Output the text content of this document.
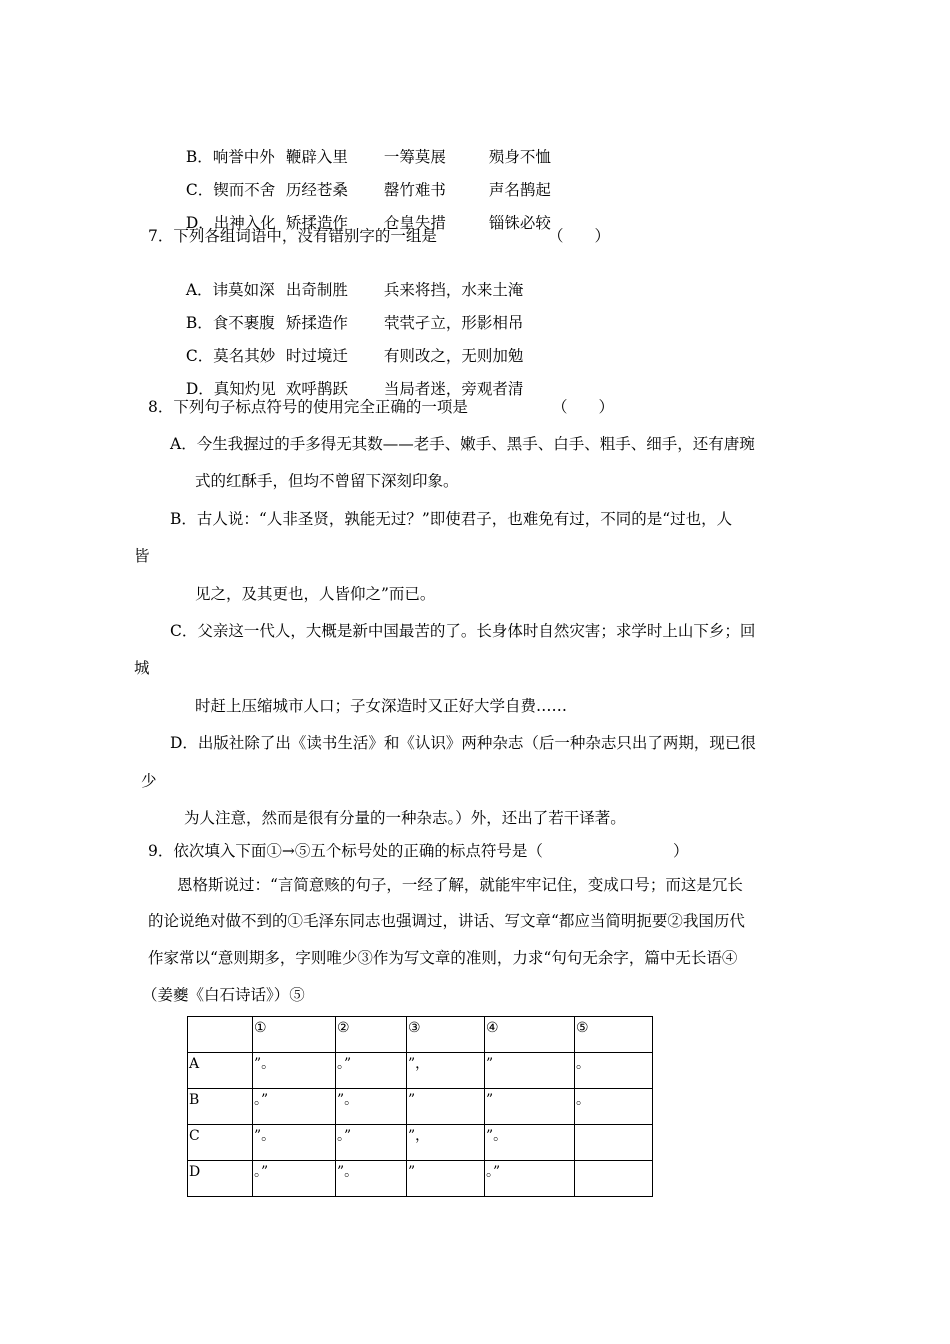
B．响誉中外 鞭辟入里 一筹莫展	殒身不恤

C．锲而不舍 历经苍桑 罄竹难书	声名鹊起

D．出神入化 矫揉造作 仓皇失措	锱铢必较

7．下列各组词语中，没有错别字的一组是	（　　）

A．讳莫如深 出奇制胜 兵来将挡，水来土淹

B．食不裹腹 矫揉造作 茕茕孑立，形影相吊

C．莫名其妙 时过境迁 有则改之，无则加勉

D．真知灼见 欢呼鹊跃 当局者迷，旁观者清

8．下列句子标点符号的使用完全正确的一项是	（　　）
A．今生我握过的手多得无其数——老手、嫩手、黑手、白手、粗手、细手，还有唐琬
式的红酥手，但均不曾留下深刻印象。
B．古人说：“人非圣贤，孰能无过？”即使君子，也难免有过，不同的是“过也，人
皆
见之，及其更也，人皆仰之”而已。
C．父亲这一代人，大概是新中国最苦的了。长身体时自然灾害；求学时上山下乡；回
城
时赶上压缩城市人口；子女深造时又正好大学自费……
D．出版社除了出《读书生活》和《认识》两种杂志（后一种杂志只出了两期，现已很
少
为人注意，然而是很有分量的一种杂志。）外，还出了若干译著。
9．依次填入下面①→⑤五个标号处的正确的标点符号是（	）
恩格斯说过：“言简意赅的句子，一经了解，就能牢牢记住，变成口号；而这是冗长
的论说绝对做不到的①毛泽东同志也强调过，讲话、写文章“都应当简明扼要②我国历代
作家常以“意则期多，字则唯少③作为写文章的准则，力求“句句无余字，篇中无长语④
（姜夔《白石诗话》）⑤
	①	②	③	④	⑤
A	”。	。”	”，	”	。
B	。”	”。	”	”	。
C	”。	。”	”，	”。	
D	。”	”。	”	。”	
